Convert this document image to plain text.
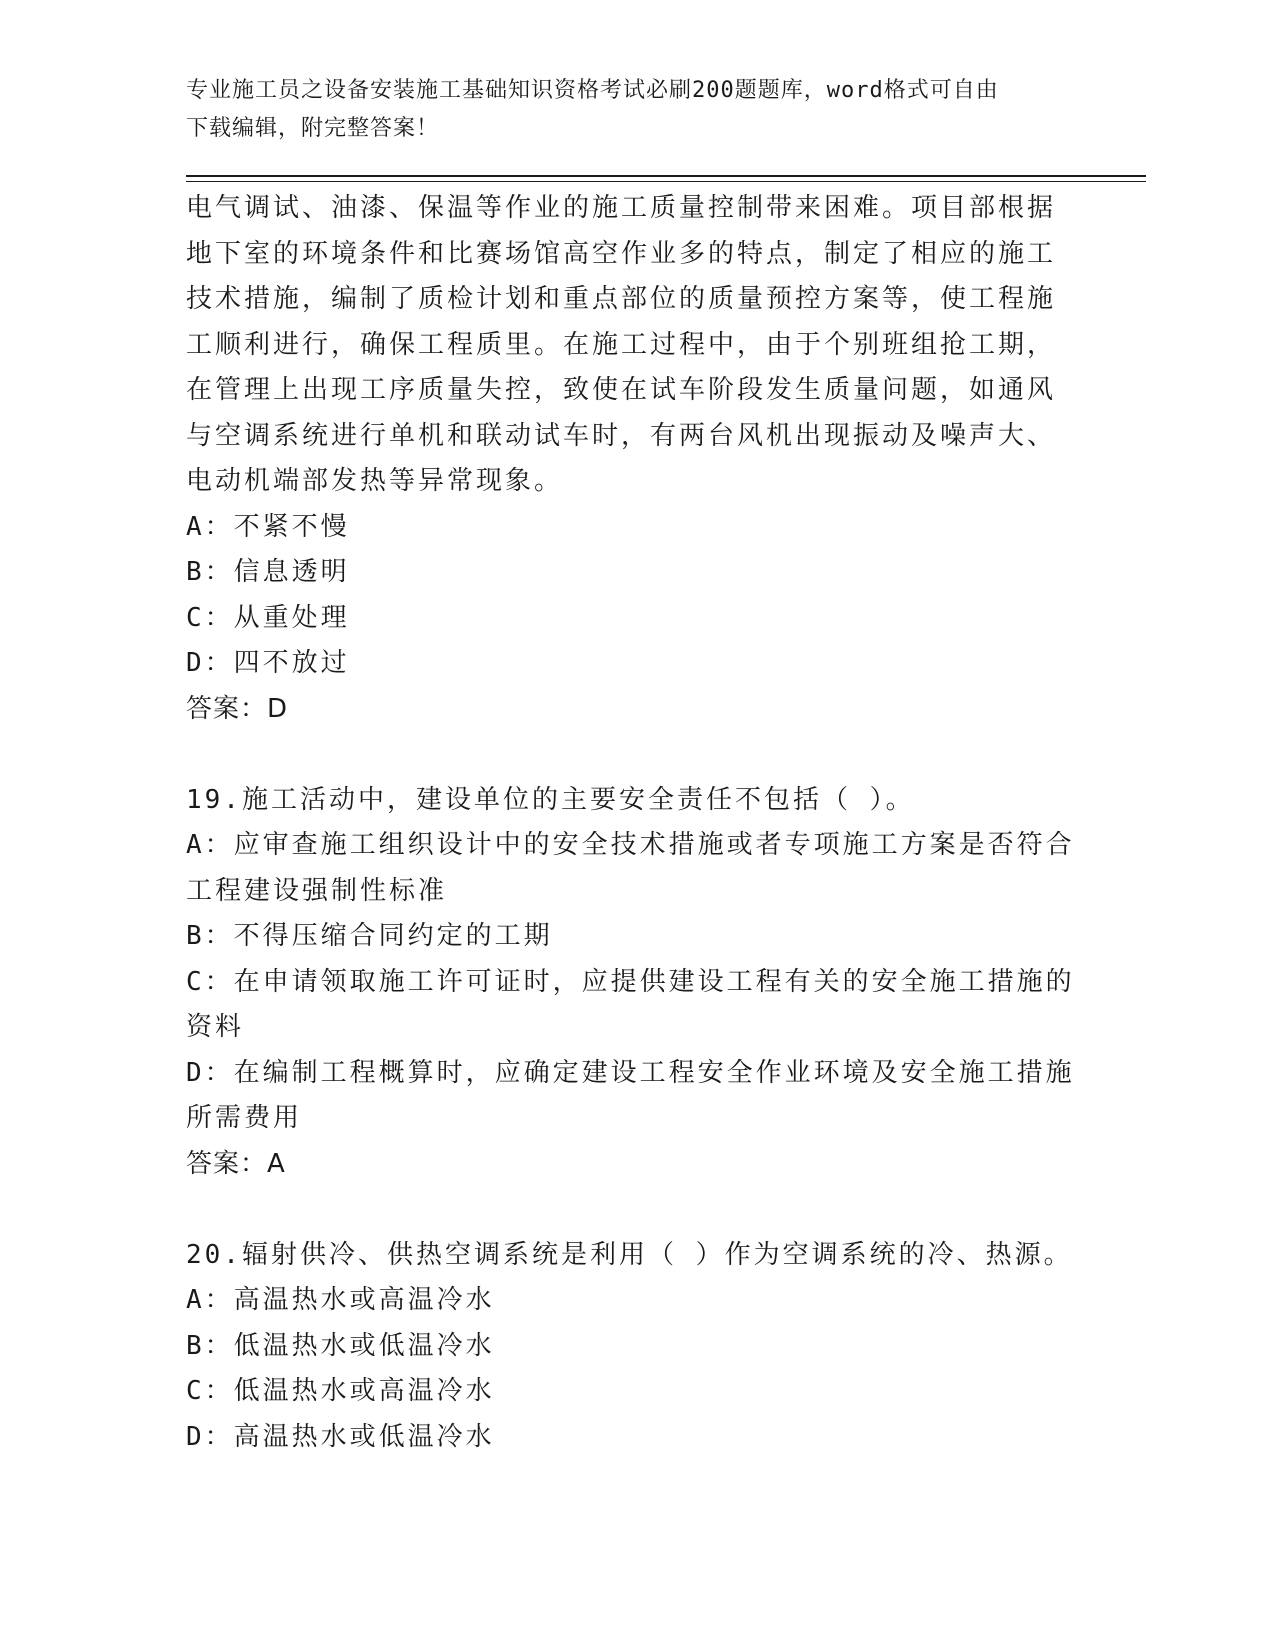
专业施工员之设备安装施工基础知识资格考试必刷200题题库，word格式可自由
下载编辑，附完整答案！
电气调试、油漆、保温等作业的施工质量控制带来困难。项目部根据
地下室的环境条件和比赛场馆高空作业多的特点，制定了相应的施工
技术措施，编制了质检计划和重点部位的质量预控方案等，使工程施
工顺利进行，确保工程质里。在施工过程中，由于个别班组抢工期，
在管理上出现工序质量失控，致使在试车阶段发生质量问题，如通风
与空调系统进行单机和联动试车时，有两台风机出现振动及噪声大、
电动机端部发热等异常现象。
A：不紧不慢
B：信息透明
C：从重处理
D：四不放过
答案：D
19.施工活动中，建设单位的主要安全责任不包括（ ）。
A：应审查施工组织设计中的安全技术措施或者专项施工方案是否符合
工程建设强制性标准
B：不得压缩合同约定的工期
C：在申请领取施工许可证时，应提供建设工程有关的安全施工措施的
资料
D：在编制工程概算时，应确定建设工程安全作业环境及安全施工措施
所需费用
答案：A
20.辐射供冷、供热空调系统是利用（ ）作为空调系统的冷、热源。
A：高温热水或高温冷水
B：低温热水或低温冷水
C：低温热水或高温冷水
D：高温热水或低温冷水
